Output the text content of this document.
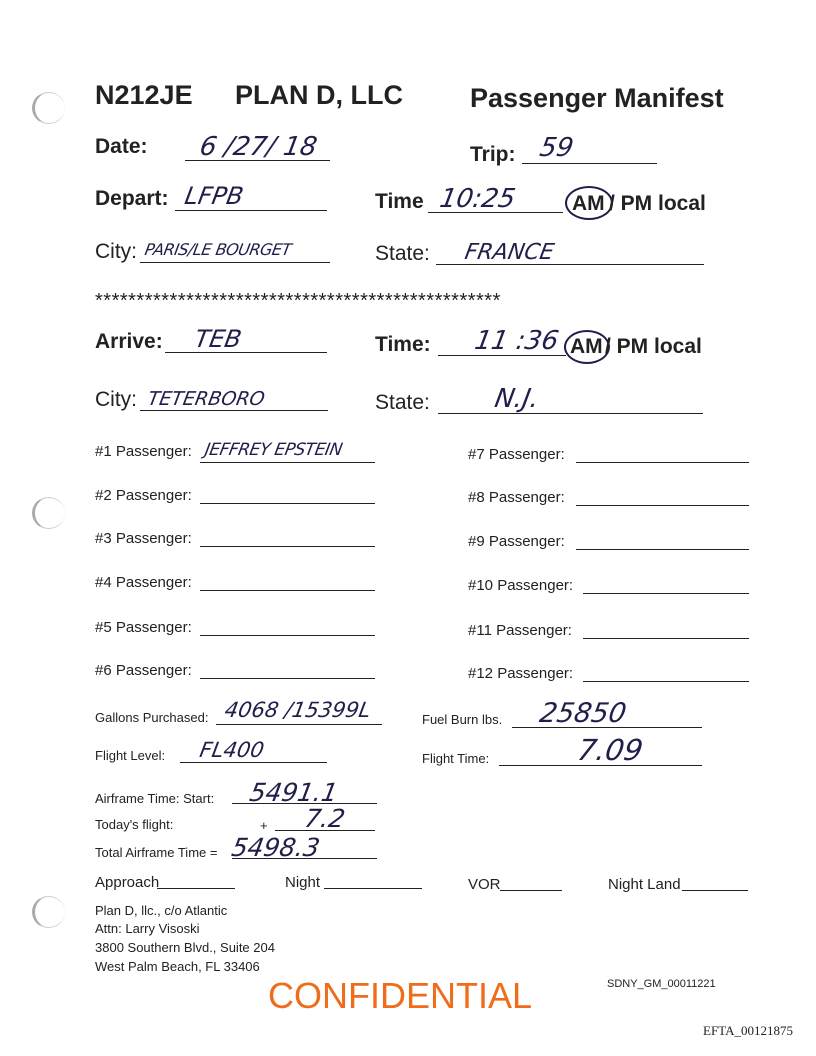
N212JE PLAN D, LLC Passenger Manifest
Date: 6 /27/ 18	Trip: 59
Depart: LFPB	Time 10:25	AM / PM local
City: PARIS/LE BOURGET	State: FRANCE
*************************************************
Arrive: TEB	Time: 11 :36 AM / PM local
City: TETERBORO	State: N.J.
#1 Passenger: JEFFREY EPSTEIN
#2 Passenger:
#3 Passenger:
#4 Passenger:
#5 Passenger:
#6 Passenger:
#7 Passenger:
#8 Passenger:
#9 Passenger:
#10 Passenger:
#11 Passenger:
#12 Passenger:
Gallons Purchased: 4068 /15399L	Fuel Burn lbs. 25850
Flight Level: FL400	Flight Time:	7.09
Airframe Time: Start: 5491.1
Today's flight:	+ 7.2
Total Airframe Time = 5498.3
Approach	Night	VOR	Night Land
Plan D, llc., c/o Atlantic
Attn: Larry Visoski
3800 Southern Blvd., Suite 204
West Palm Beach, FL 33406
CONFIDENTIAL	SDNY_GM_00011221
EFTA_00121875
